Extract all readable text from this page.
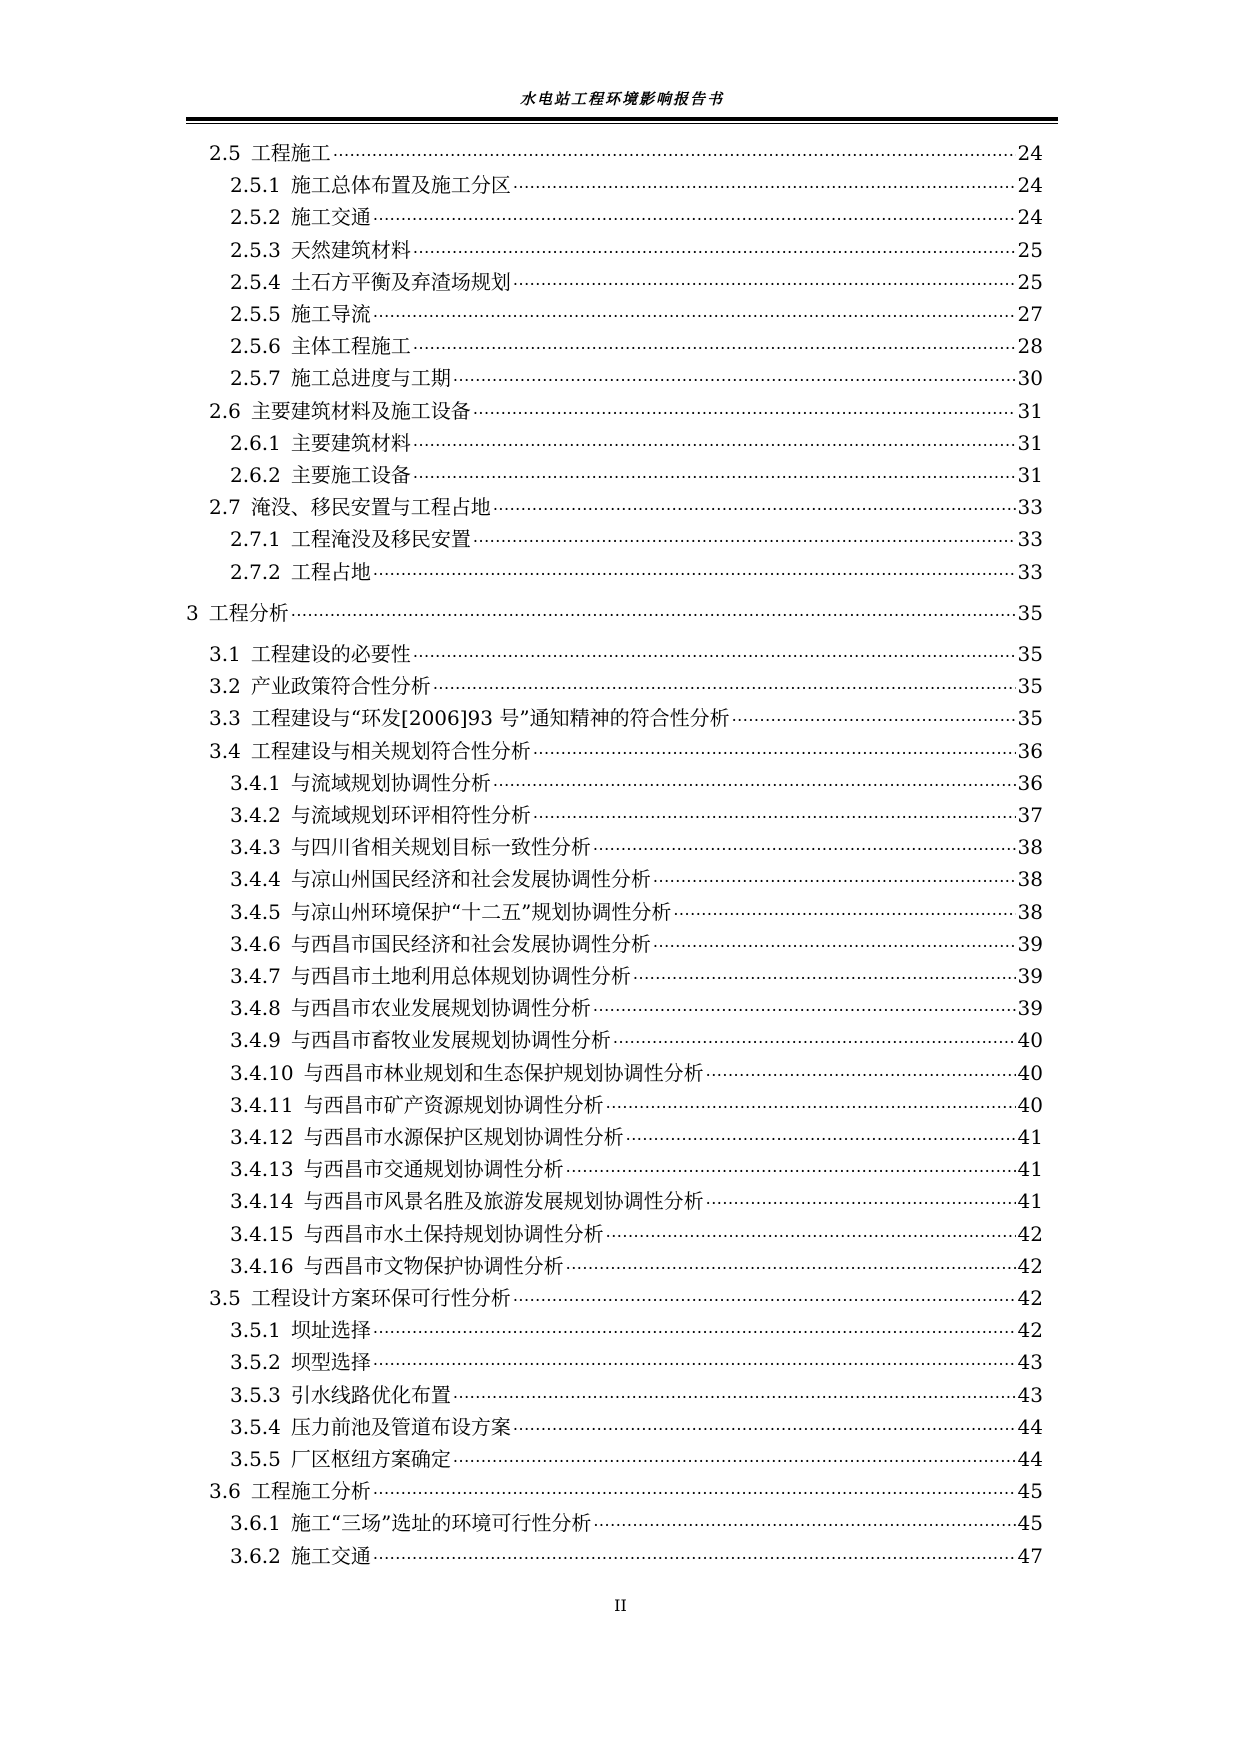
水电站工程环境影响报告书
2.5 工程施工 .....	24
2.5.1 施工总体布置及施工分区 .....	24
2.5.2 施工交通 .....	24
2.5.3 天然建筑材料 .....	25
2.5.4 土石方平衡及弃渣场规划 .....	25
2.5.5 施工导流 .....	27
2.5.6 主体工程施工 .....	28
2.5.7 施工总进度与工期 .....	30
2.6 主要建筑材料及施工设备 .....	31
2.6.1 主要建筑材料 .....	31
2.6.2 主要施工设备 .....	31
2.7 淹没、移民安置与工程占地 .....	33
2.7.1 工程淹没及移民安置 .....	33
2.7.2 工程占地 .....	33
3 工程分析 .....	35
3.1 工程建设的必要性 .....	35
3.2 产业政策符合性分析 .....	35
3.3 工程建设与“环发[2006]93 号”通知精神的符合性分析 .....	35
3.4 工程建设与相关规划符合性分析 .....	36
3.4.1 与流域规划协调性分析 .....	36
3.4.2 与流域规划环评相符性分析 .....	37
3.4.3 与四川省相关规划目标一致性分析 .....	38
3.4.4 与凉山州国民经济和社会发展协调性分析 .....	38
3.4.5 与凉山州环境保护“十二五”规划协调性分析 .....	38
3.4.6 与西昌市国民经济和社会发展协调性分析 .....	39
3.4.7 与西昌市土地利用总体规划协调性分析 .....	39
3.4.8 与西昌市农业发展规划协调性分析 .....	39
3.4.9 与西昌市畜牧业发展规划协调性分析 .....	40
3.4.10 与西昌市林业规划和生态保护规划协调性分析 .....	40
3.4.11 与西昌市矿产资源规划协调性分析 .....	40
3.4.12 与西昌市水源保护区规划协调性分析 .....	41
3.4.13 与西昌市交通规划协调性分析 .....	41
3.4.14 与西昌市风景名胜及旅游发展规划协调性分析 .....	41
3.4.15 与西昌市水土保持规划协调性分析 .....	42
3.4.16 与西昌市文物保护协调性分析 .....	42
3.5 工程设计方案环保可行性分析 .....	42
3.5.1 坝址选择 .....	42
3.5.2 坝型选择 .....	43
3.5.3 引水线路优化布置 .....	43
3.5.4 压力前池及管道布设方案 .....	44
3.5.5 厂区枢纽方案确定 .....	44
3.6 工程施工分析 .....	45
3.6.1 施工“三场”选址的环境可行性分析 .....	45
3.6.2 施工交通 .....	47
II
